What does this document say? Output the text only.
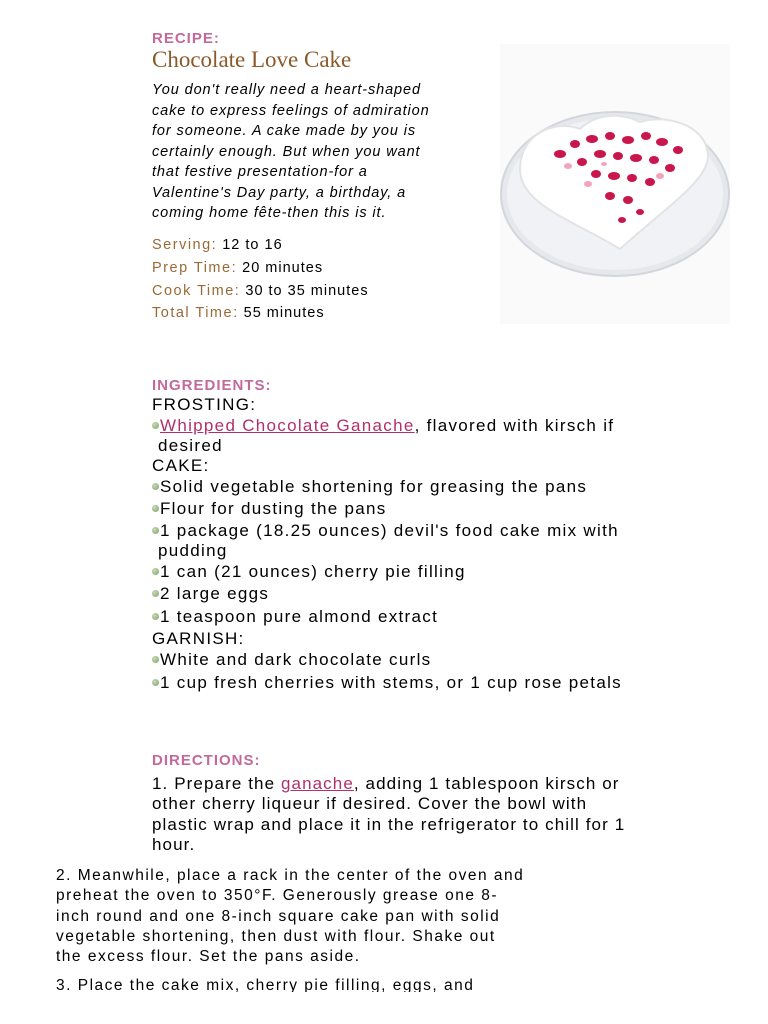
RECIPE:
Chocolate Love Cake
You don't really need a heart-shaped
cake to express feelings of admiration
for someone. A cake made by you is
certainly enough. But when you want
that festive presentation-for a
Valentine's Day party, a birthday, a
coming home fête-then this is it.
Serving: 12 to 16
Prep Time: 20 minutes
Cook Time: 30 to 35 minutes
Total Time: 55 minutes
INGREDIENTS:
FROSTING:
Whipped Chocolate Ganache, flavored with kirsch if
desired
CAKE:
Solid vegetable shortening for greasing the pans
Flour for dusting the pans
1 package (18.25 ounces) devil's food cake mix with
pudding
1 can (21 ounces) cherry pie filling
2 large eggs
1 teaspoon pure almond extract
GARNISH:
White and dark chocolate curls
1 cup fresh cherries with stems, or 1 cup rose petals
DIRECTIONS:
1. Prepare the ganache, adding 1 tablespoon kirsch or
other cherry liqueur if desired. Cover the bowl with
plastic wrap and place it in the refrigerator to chill for 1
hour.
2. Meanwhile, place a rack in the center of the oven and
preheat the oven to 350°F. Generously grease one 8-
inch round and one 8-inch square cake pan with solid
vegetable shortening, then dust with flour. Shake out
the excess flour. Set the pans aside.
3. Place the cake mix, cherry pie filling, eggs, and
